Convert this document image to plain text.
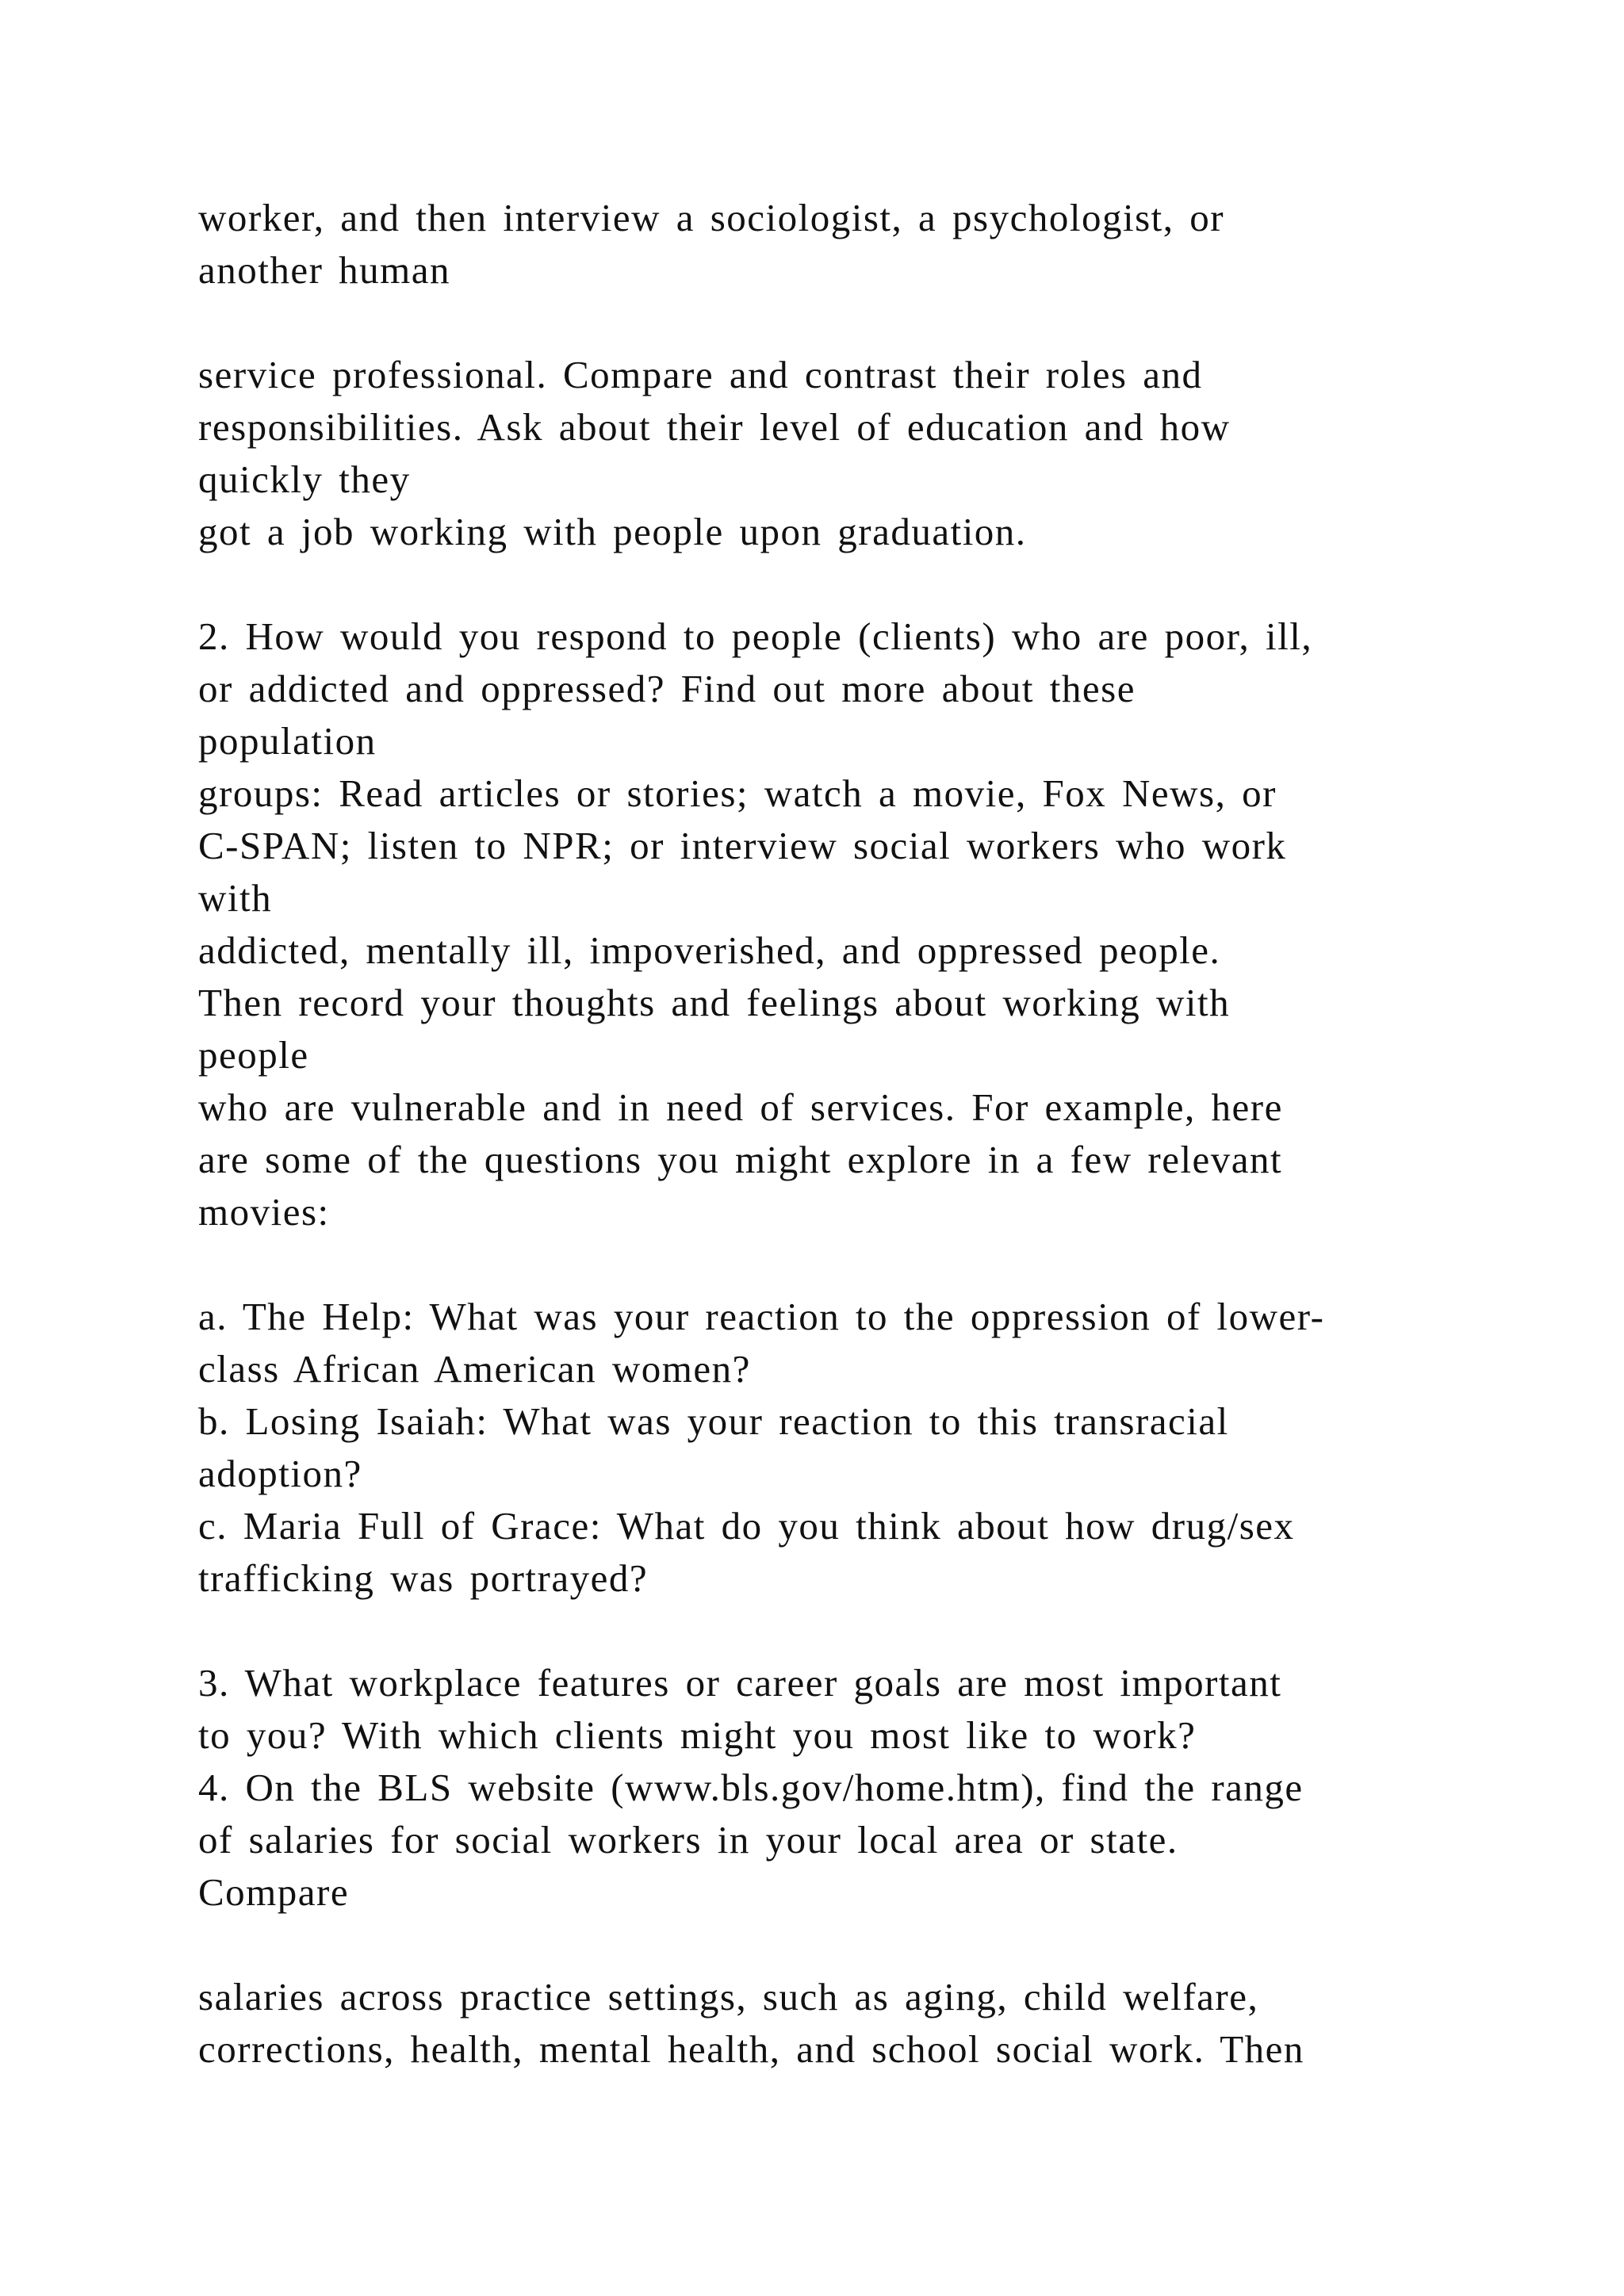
worker, and then interview a sociologist, a psychologist, or
another human
service professional. Compare and contrast their roles and
responsibilities. Ask about their level of education and how
quickly they
got a job working with people upon graduation.
2. How would you respond to people (clients) who are poor, ill,
or addicted and oppressed? Find out more about these
population
groups: Read articles or stories; watch a movie, Fox News, or
C-SPAN; listen to NPR; or interview social workers who work
with
addicted, mentally ill, impoverished, and oppressed people.
Then record your thoughts and feelings about working with
people
who are vulnerable and in need of services. For example, here
are some of the questions you might explore in a few relevant
movies:
a. The Help: What was your reaction to the oppression of lower-
class African American women?
b. Losing Isaiah: What was your reaction to this transracial
adoption?
c. Maria Full of Grace: What do you think about how drug/sex
trafficking was portrayed?
3. What workplace features or career goals are most important
to you? With which clients might you most like to work?
4. On the BLS website (www.bls.gov/home.htm), find the range
of salaries for social workers in your local area or state.
Compare
salaries across practice settings, such as aging, child welfare,
corrections, health, mental health, and school social work. Then
